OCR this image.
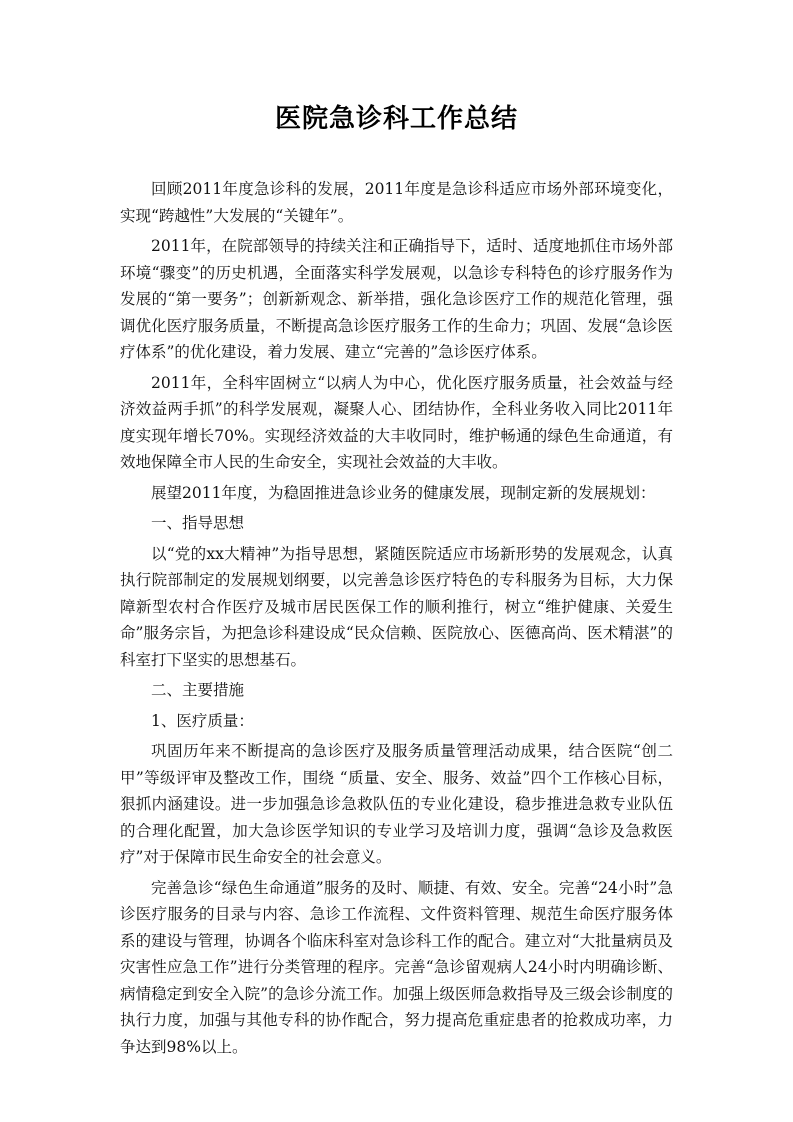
医院急诊科工作总结

回顾2011年度急诊科的发展，2011年度是急诊科适应市场外部环境变化，实现“跨越性”大发展的“关键年”。

2011年，在院部领导的持续关注和正确指导下，适时、适度地抓住市场外部环境“骤变”的历史机遇，全面落实科学发展观，以急诊专科特色的诊疗服务作为发展的“第一要务”；创新新观念、新举措，强化急诊医疗工作的规范化管理，强调优化医疗服务质量，不断提高急诊医疗服务工作的生命力；巩固、发展“急诊医疗体系”的优化建设，着力发展、建立“完善的”急诊医疗体系。

2011年，全科牢固树立“以病人为中心，优化医疗服务质量，社会效益与经济效益两手抓”的科学发展观，凝聚人心、团结协作，全科业务收入同比2011年度实现年增长70%。实现经济效益的大丰收同时，维护畅通的绿色生命通道，有效地保障全市人民的生命安全，实现社会效益的大丰收。

展望2011年度，为稳固推进急诊业务的健康发展，现制定新的发展规划：

一、指导思想

以“党的xx大精神”为指导思想，紧随医院适应市场新形势的发展观念，认真执行院部制定的发展规划纲要，以完善急诊医疗特色的专科服务为目标，大力保障新型农村合作医疗及城市居民医保工作的顺利推行，树立“维护健康、关爱生命”服务宗旨，为把急诊科建设成“民众信赖、医院放心、医德高尚、医术精湛”的科室打下坚实的思想基石。

二、主要措施

1、医疗质量：

巩固历年来不断提高的急诊医疗及服务质量管理活动成果，结合医院“创二甲”等级评审及整改工作，围绕 “质量、安全、服务、效益”四个工作核心目标，狠抓内涵建设。进一步加强急诊急救队伍的专业化建设，稳步推进急救专业队伍的合理化配置，加大急诊医学知识的专业学习及培训力度，强调“急诊及急救医疗”对于保障市民生命安全的社会意义。

完善急诊“绿色生命通道”服务的及时、顺捷、有效、安全。完善“24小时”急诊医疗服务的目录与内容、急诊工作流程、文件资料管理、规范生命医疗服务体系的建设与管理，协调各个临床科室对急诊科工作的配合。建立对“大批量病员及灾害性应急工作”进行分类管理的程序。完善“急诊留观病人24小时内明确诊断、病情稳定到安全入院”的急诊分流工作。加强上级医师急救指导及三级会诊制度的执行力度，加强与其他专科的协作配合，努力提高危重症患者的抢救成功率，力争达到98%以上。
